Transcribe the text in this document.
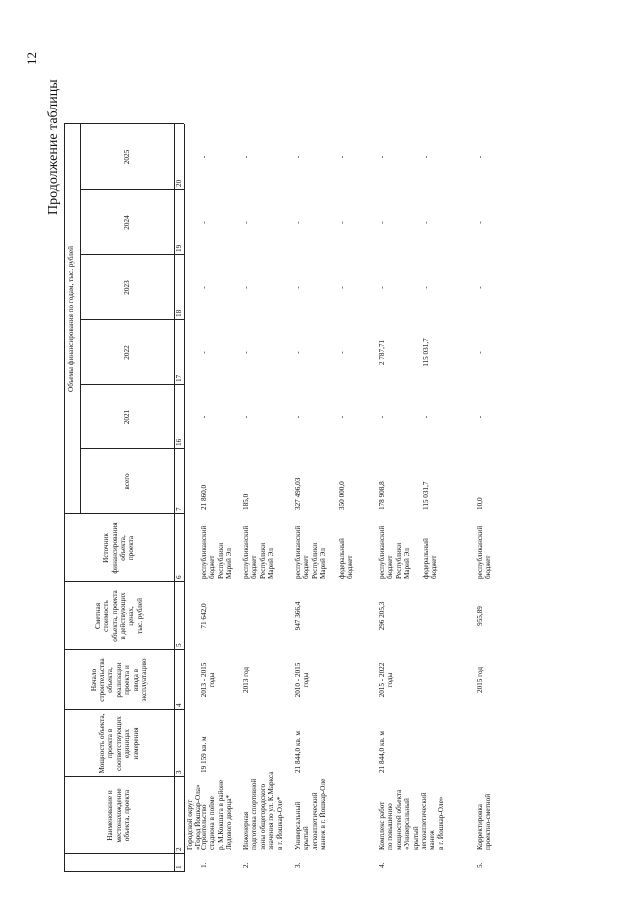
12
Продолжение таблицы
Объемы финансирования по годам, тыс. рублей
Наименование и местонахождение объекта, проекта
Мощность объекта, проекта в соответствующих единицах измерения
Начало строительства объекта, реализации проекта и ввода в эксплуатацию
Сметная стоимость объекта, проекта в действующих ценах, тыс. рублей
Источник финансирования объекта, проекта
всего
2021
2022
2023
2024
2025
1
2
3
4
5
6
7
16
17
18
19
20
Городской округ «Город Йошкар-Ола»
1.
Строительство стадиона в пойме р. М.Кокшага в районе Ледового дворца*
19 159 кв. м
2013 - 2015 годы
71 642,0
республиканский бюджет Республики Марий Эл
21 860,0
-
-
-
-
-
2.
Инженерная подготовка спортивной зоны общегородского значения по ул. К.Маркса в г. Йошкар-Оле*
2013 год
республиканский бюджет Республики Марий Эл
185,0
-
-
-
-
-
3.
Универсальный крытый легкоатлетический манеж в г. Йошкар-Оле
21 844,0 кв. м
2010 - 2015 годы
947 366,4
республиканский бюджет Республики Марий Эл
327 496,03
-
-
-
-
-
федеральный бюджет
350 000,0
-
-
-
-
-
4.
Комплекс работ по повышению мощностей объекта «Универсальный крытый легкоатлетический манеж в г. Йошкар-Оле»
21 844,0 кв. м
2015 - 2022 годы
296 205,3
республиканский бюджет Республики Марий Эл
178 908,8
-
2 787,71
-
-
-
федеральный бюджет
115 031,7
-
115 031,7
-
-
-
5.
Корректировка проектно-сметной
2015 год
955,89
республиканский бюджет
10,0
-
-
-
-
-
